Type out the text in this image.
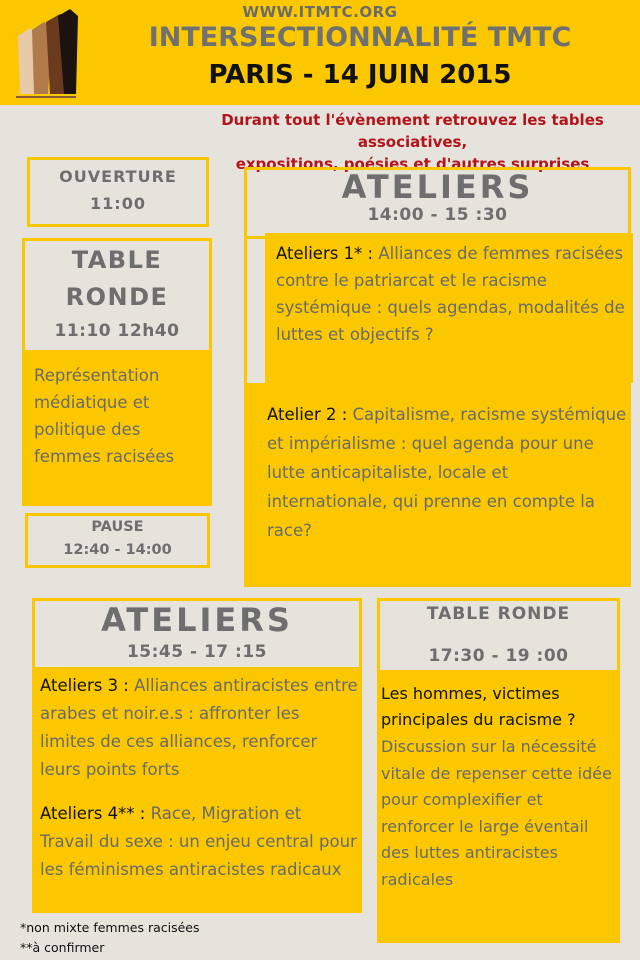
WWW.ITMTC.ORG
INTERSECTIONNALITÉ TMTC
PARIS - 14 JUIN 2015
Durant tout l'évènement retrouvez les tables associatives,
expositions, poésies et d'autres surprises
OUVERTURE
11:00
TABLE
RONDE
11:10 12h40
Représentation médiatique et politique des femmes racisées
PAUSE
12:40 - 14:00
ATELIERS
14:00 - 15 :30
Ateliers 1* : Alliances de femmes racisées contre le patriarcat et le racisme systémique : quels agendas, modalités de luttes et objectifs ?
Atelier 2 : Capitalisme, racisme systémique et impérialisme : quel agenda pour une lutte anticapitaliste, locale et internationale, qui prenne en compte la race?
ATELIERS
15:45 - 17 :15
Ateliers 3 : Alliances antiracistes entre arabes et noir.e.s : affronter les limites de ces alliances, renforcer leurs points forts
Ateliers 4** : Race, Migration et Travail du sexe : un enjeu central pour les féminismes antiracistes radicaux
TABLE RONDE
17:30 - 19 :00
Les hommes, victimes principales du racisme ?
Discussion sur la nécessité vitale de repenser cette idée pour complexifier et renforcer le large éventail des luttes antiracistes radicales
*non mixte femmes racisées
**à confirmer
